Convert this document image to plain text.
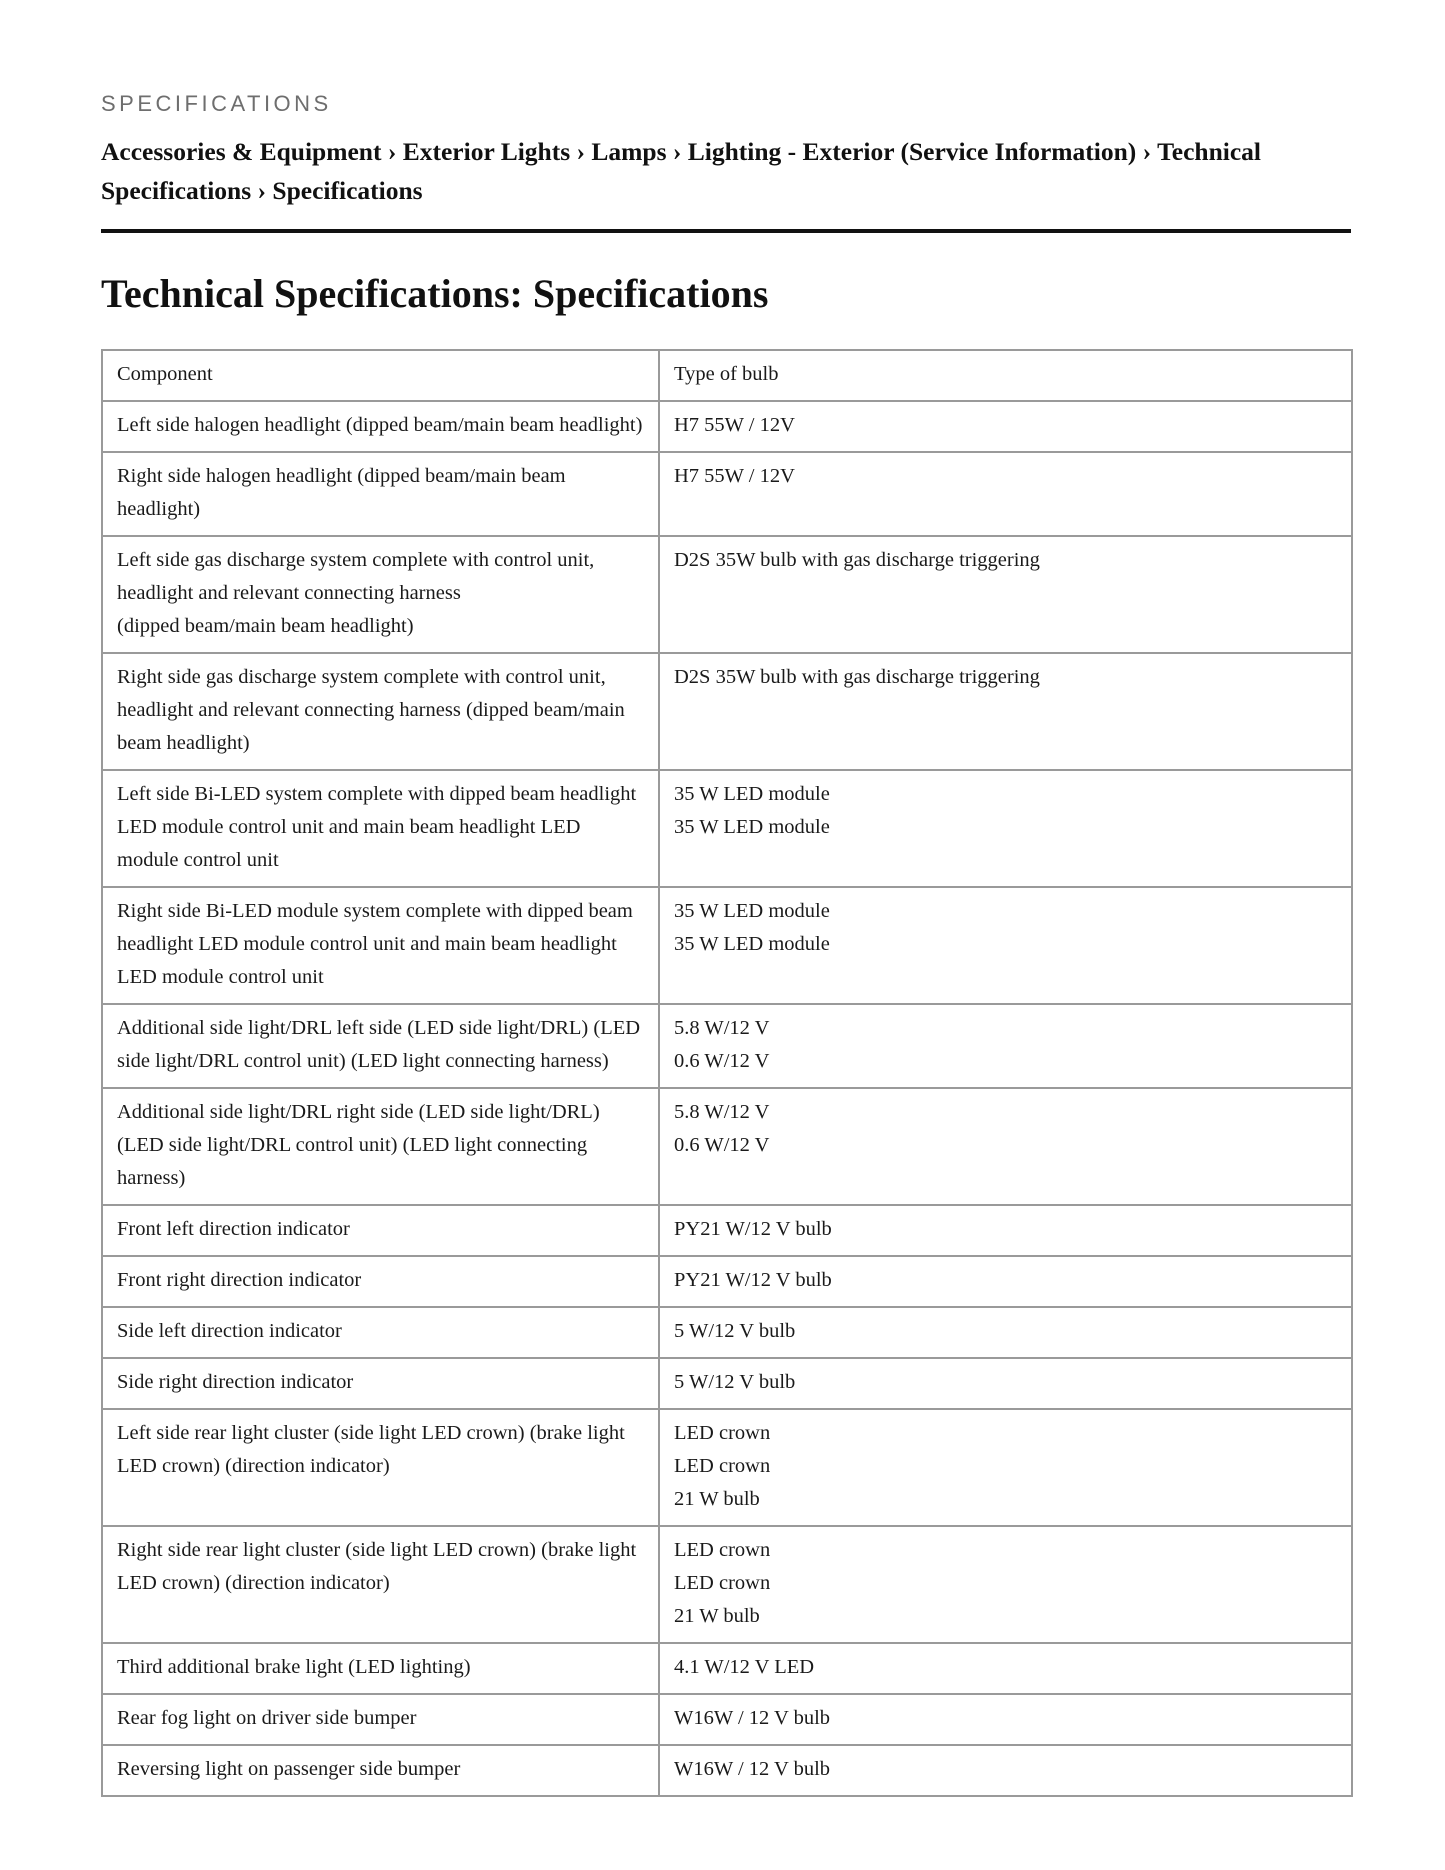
SPECIFICATIONS

Accessories & Equipment › Exterior Lights › Lamps › Lighting - Exterior (Service Information) › Technical Specifications › Specifications
Technical Specifications: Specifications
Component	Type of bulb
Left side halogen headlight (dipped beam/main beam headlight)	H7 55W / 12V

Right side halogen headlight (dipped beam/main beam headlight)	H7 55W / 12V

Left side gas discharge system complete with control unit, headlight and relevant connecting harness
(dipped beam/main beam headlight)	D2S 35W bulb with gas discharge triggering

Right side gas discharge system complete with control unit, headlight and relevant connecting harness (dipped beam/main beam headlight)	D2S 35W bulb with gas discharge triggering

Left side Bi-LED system complete with dipped beam headlight LED module control unit and main beam headlight LED module control unit	35 W LED module
35 W LED module

Right side Bi-LED module system complete with dipped beam headlight LED module control unit and main beam headlight LED module control unit	35 W LED module
35 W LED module

Additional side light/DRL left side (LED side light/DRL) (LED side light/DRL control unit) (LED light connecting harness)	5.8 W/12 V
0.6 W/12 V

Additional side light/DRL right side (LED side light/DRL) (LED side light/DRL control unit) (LED light connecting harness)	5.8 W/12 V
0.6 W/12 V

Front left direction indicator	PY21 W/12 V bulb

Front right direction indicator	PY21 W/12 V bulb

Side left direction indicator	5 W/12 V bulb

Side right direction indicator	5 W/12 V bulb

Left side rear light cluster (side light LED crown) (brake light LED crown) (direction indicator)	LED crown
LED crown
21 W bulb

Right side rear light cluster (side light LED crown) (brake light LED crown) (direction indicator)	LED crown
LED crown
21 W bulb

Third additional brake light (LED lighting)	4.1 W/12 V LED

Rear fog light on driver side bumper	W16W / 12 V bulb

Reversing light on passenger side bumper	W16W / 12 V bulb
